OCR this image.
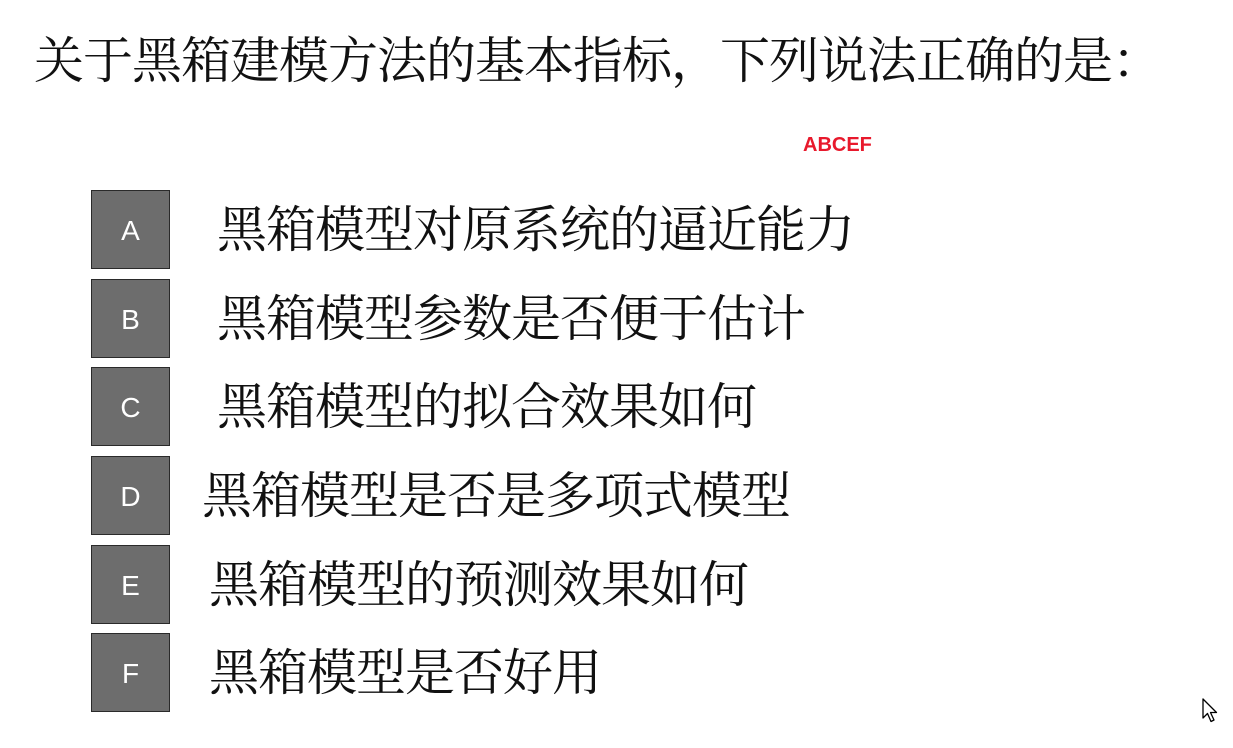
关于黑箱建模方法的基本指标，下列说法正确的是：
ABCEF
A	黑箱模型对原系统的逼近能力
B	黑箱模型参数是否便于估计
C	黑箱模型的拟合效果如何
D	黑箱模型是否是多项式模型
E	黑箱模型的预测效果如何
F	黑箱模型是否好用
